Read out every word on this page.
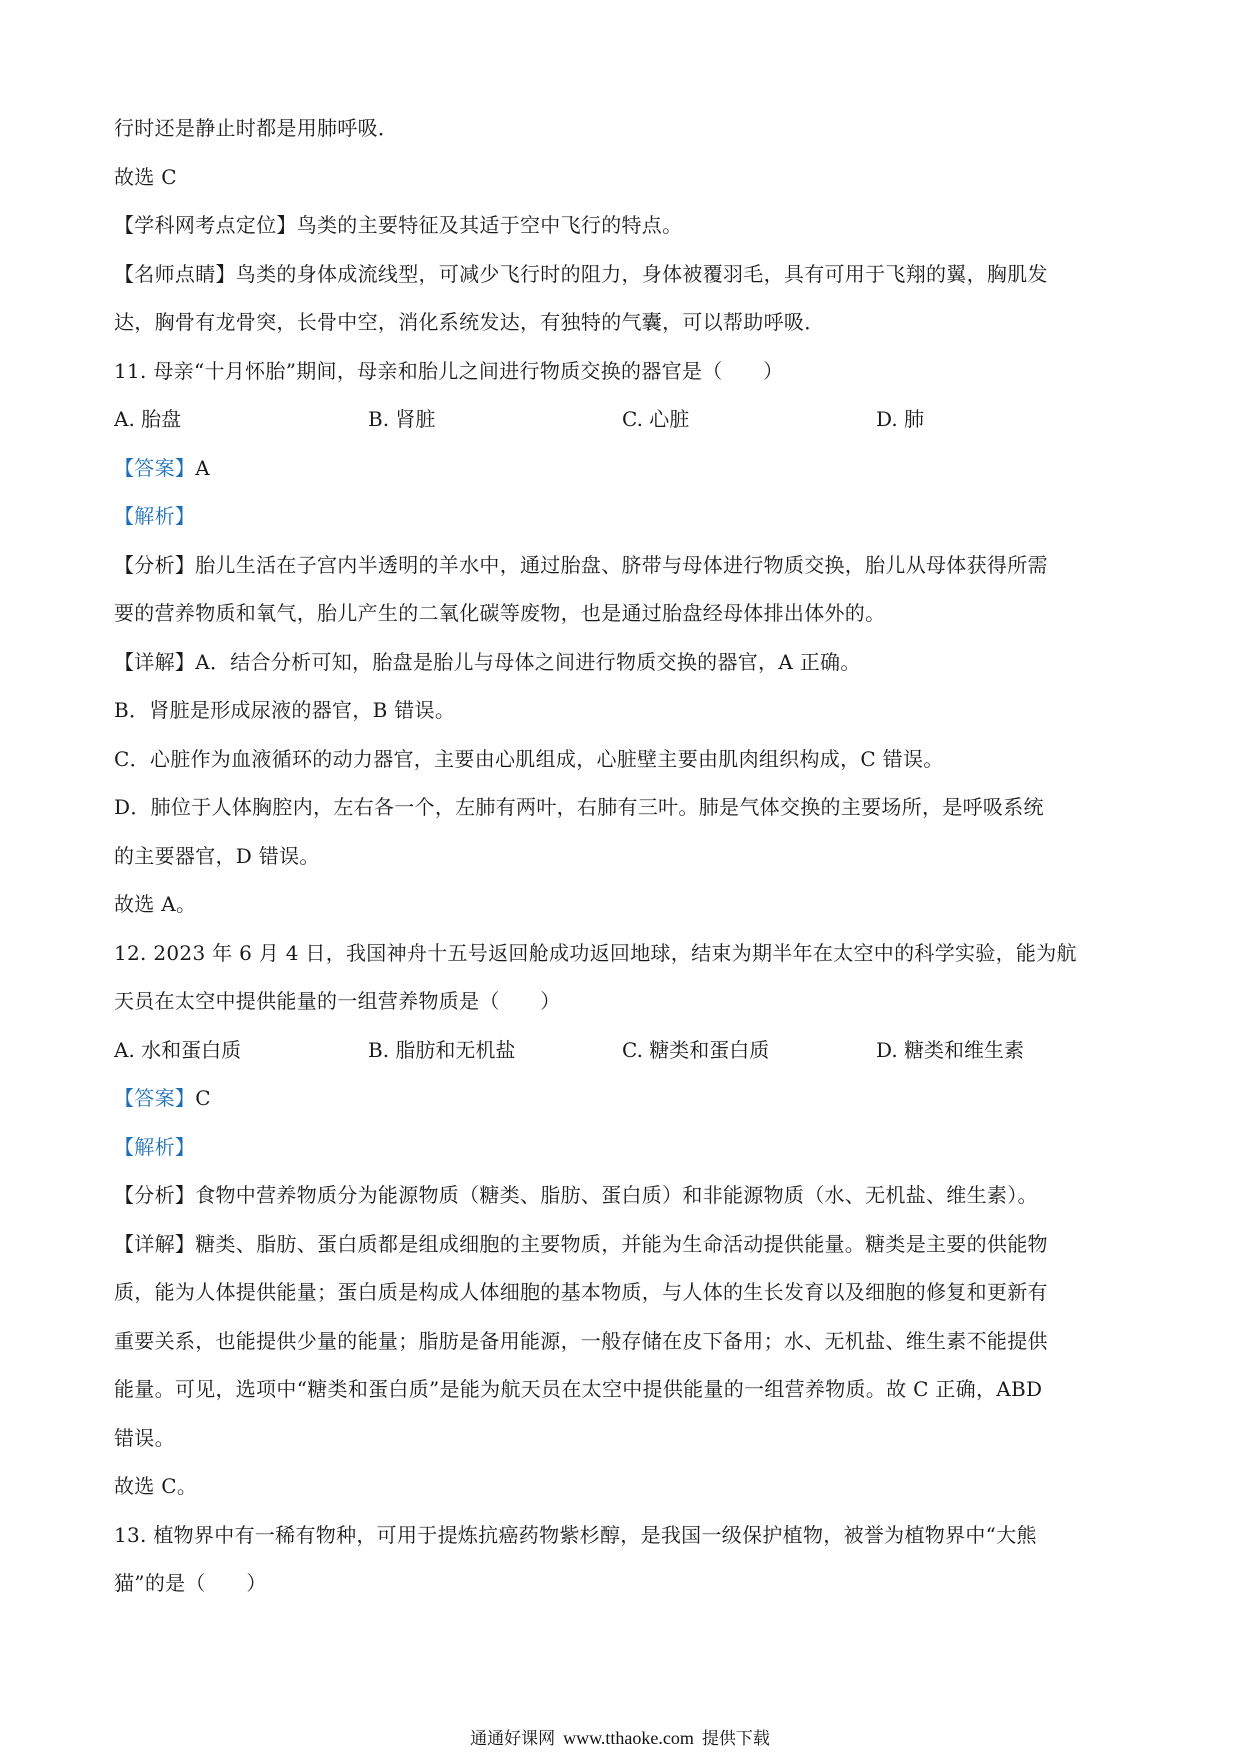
行时还是静止时都是用肺呼吸．
故选 C
【学科网考点定位】鸟类的主要特征及其适于空中飞行的特点。
【名师点睛】鸟类的身体成流线型，可减少飞行时的阻力，身体被覆羽毛，具有可用于飞翔的翼，胸肌发
达，胸骨有龙骨突，长骨中空，消化系统发达，有独特的气囊，可以帮助呼吸．
11. 母亲“十月怀胎”期间，母亲和胎儿之间进行物质交换的器官是（　　）
A. 胎盘	B. 肾脏	C. 心脏	D. 肺
【答案】A
【解析】
【分析】胎儿生活在子宫内半透明的羊水中，通过胎盘、脐带与母体进行物质交换，胎儿从母体获得所需
要的营养物质和氧气，胎儿产生的二氧化碳等废物，也是通过胎盘经母体排出体外的。
【详解】A．结合分析可知，胎盘是胎儿与母体之间进行物质交换的器官，A 正确。
B．肾脏是形成尿液的器官，B 错误。
C．心脏作为血液循环的动力器官，主要由心肌组成，心脏壁主要由肌肉组织构成，C 错误。
D．肺位于人体胸腔内，左右各一个，左肺有两叶，右肺有三叶。肺是气体交换的主要场所，是呼吸系统
的主要器官，D 错误。
故选 A。
12. 2023 年 6 月 4 日，我国神舟十五号返回舱成功返回地球，结束为期半年在太空中的科学实验，能为航
天员在太空中提供能量的一组营养物质是（　　）
A. 水和蛋白质	B. 脂肪和无机盐	C. 糖类和蛋白质	D. 糖类和维生素
【答案】C
【解析】
【分析】食物中营养物质分为能源物质（糖类、脂肪、蛋白质）和非能源物质（水、无机盐、维生素）。
【详解】糖类、脂肪、蛋白质都是组成细胞的主要物质，并能为生命活动提供能量。糖类是主要的供能物
质，能为人体提供能量；蛋白质是构成人体细胞的基本物质，与人体的生长发育以及细胞的修复和更新有
重要关系，也能提供少量的能量；脂肪是备用能源，一般存储在皮下备用；水、无机盐、维生素不能提供
能量。可见，选项中“糖类和蛋白质”是能为航天员在太空中提供能量的一组营养物质。故 C 正确，ABD
错误。
故选 C。
13. 植物界中有一稀有物种，可用于提炼抗癌药物紫杉醇，是我国一级保护植物，被誉为植物界中“大熊
猫”的是（　　）
通通好课网 www.tthaoke.com 提供下载
